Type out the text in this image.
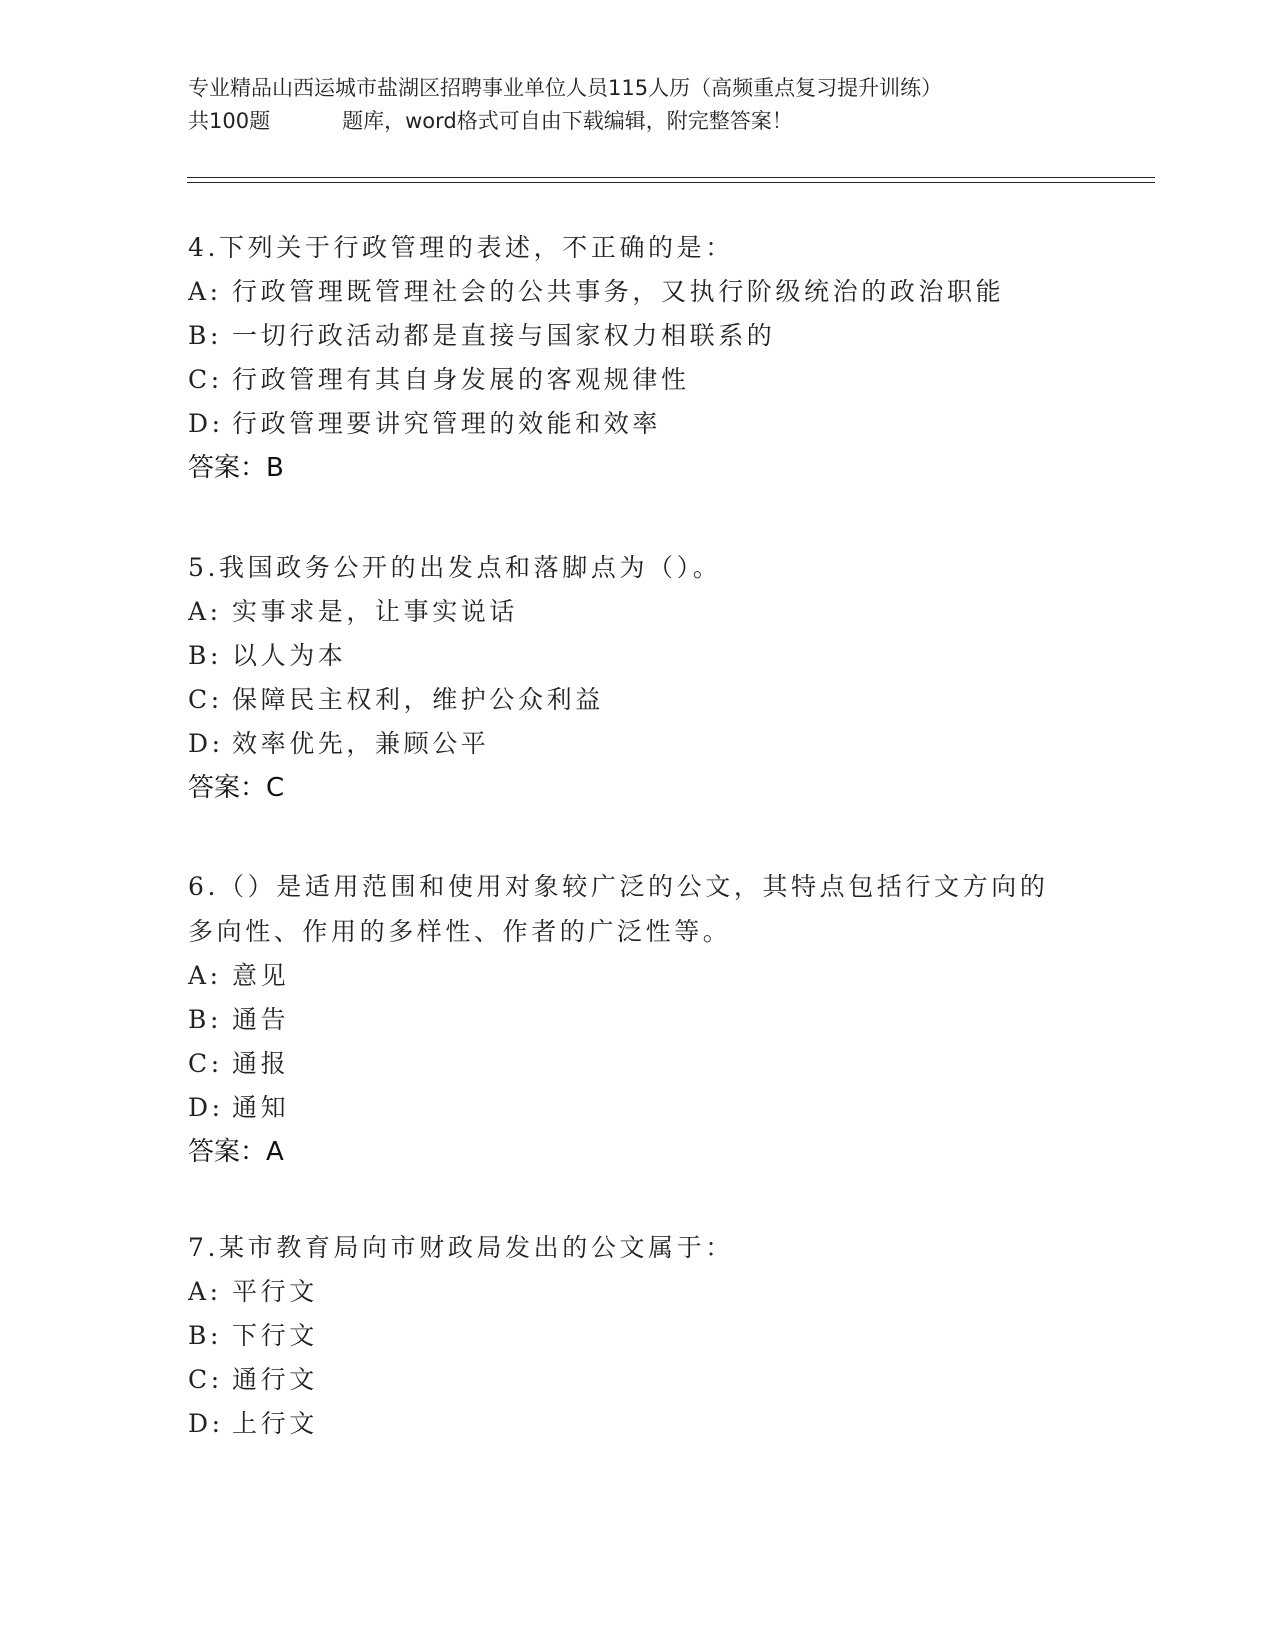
专业精品山西运城市盐湖区招聘事业单位人员115人历（高频重点复习提升训练）
共100题	题库，word格式可自由下载编辑，附完整答案！
4.下列关于行政管理的表述，不正确的是：
A: 行政管理既管理社会的公共事务，又执行阶级统治的政治职能
B: 一切行政活动都是直接与国家权力相联系的
C: 行政管理有其自身发展的客观规律性
D: 行政管理要讲究管理的效能和效率
答案：B
5.我国政务公开的出发点和落脚点为（）。
A: 实事求是，让事实说话
B: 以人为本
C: 保障民主权利，维护公众利益
D: 效率优先，兼顾公平
答案：C
6.（）是适用范围和使用对象较广泛的公文，其特点包括行文方向的多向性、作用的多样性、作者的广泛性等。
A: 意见
B: 通告
C: 通报
D: 通知
答案：A
7.某市教育局向市财政局发出的公文属于：
A: 平行文
B: 下行文
C: 通行文
D: 上行文
